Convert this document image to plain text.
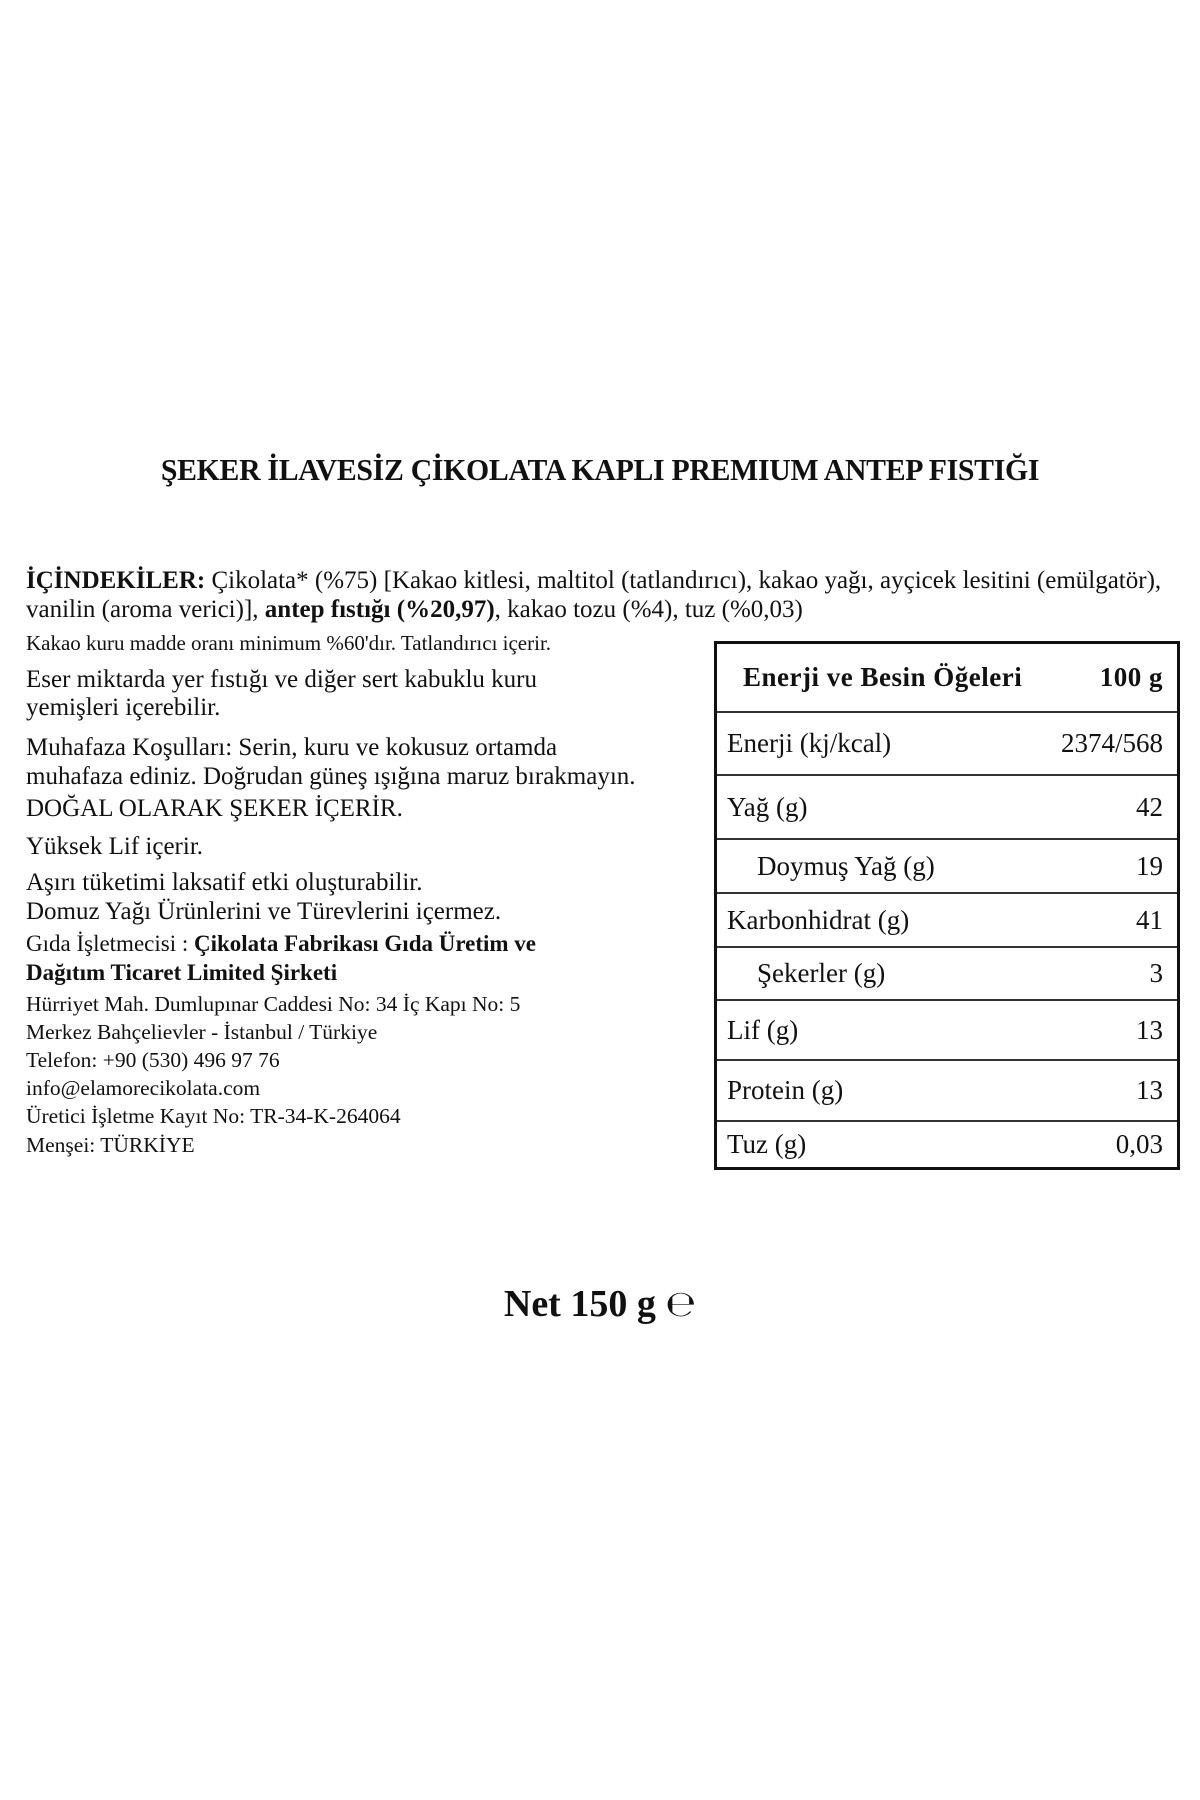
ŞEKER İLAVESİZ ÇİKOLATA KAPLI PREMIUM ANTEP FISTIĞI
İÇİNDEKİLER: Çikolata* (%75) [Kakao kitlesi, maltitol (tatlandırıcı), kakao yağı, ayçicek lesitini (emülgatör), vanilin (aroma verici)], antep fıstığı (%20,97), kakao tozu (%4), tuz (%0,03)
Kakao kuru madde oranı minimum %60'dır. Tatlandırıcı içerir.
Eser miktarda yer fıstığı ve diğer sert kabuklu kuru
yemişleri içerebilir.
Muhafaza Koşulları: Serin, kuru ve kokusuz ortamda
muhafaza ediniz. Doğrudan güneş ışığına maruz bırakmayın.
DOĞAL OLARAK ŞEKER İÇERİR.
Yüksek Lif içerir.
Aşırı tüketimi laksatif etki oluşturabilir.
Domuz Yağı Ürünlerini ve Türevlerini içermez.
Gıda İşletmecisi : Çikolata Fabrikası Gıda Üretim ve
Dağıtım Ticaret Limited Şirketi
Hürriyet Mah. Dumlupınar Caddesi No: 34 İç Kapı No: 5
Merkez Bahçelievler - İstanbul / Türkiye
Telefon: +90 (530) 496 97 76
info@elamorecikolata.com
Üretici İşletme Kayıt No: TR-34-K-264064
Menşei: TÜRKİYE
Enerji ve Besin Öğeleri	100 g
Enerji (kj/kcal)	2374/568
Yağ (g)	42
Doymuş Yağ (g)	19
Karbonhidrat (g)	41
Şekerler (g)	3
Lif (g)	13
Protein (g)	13
Tuz (g)	0,03
Net 150 g ℮
